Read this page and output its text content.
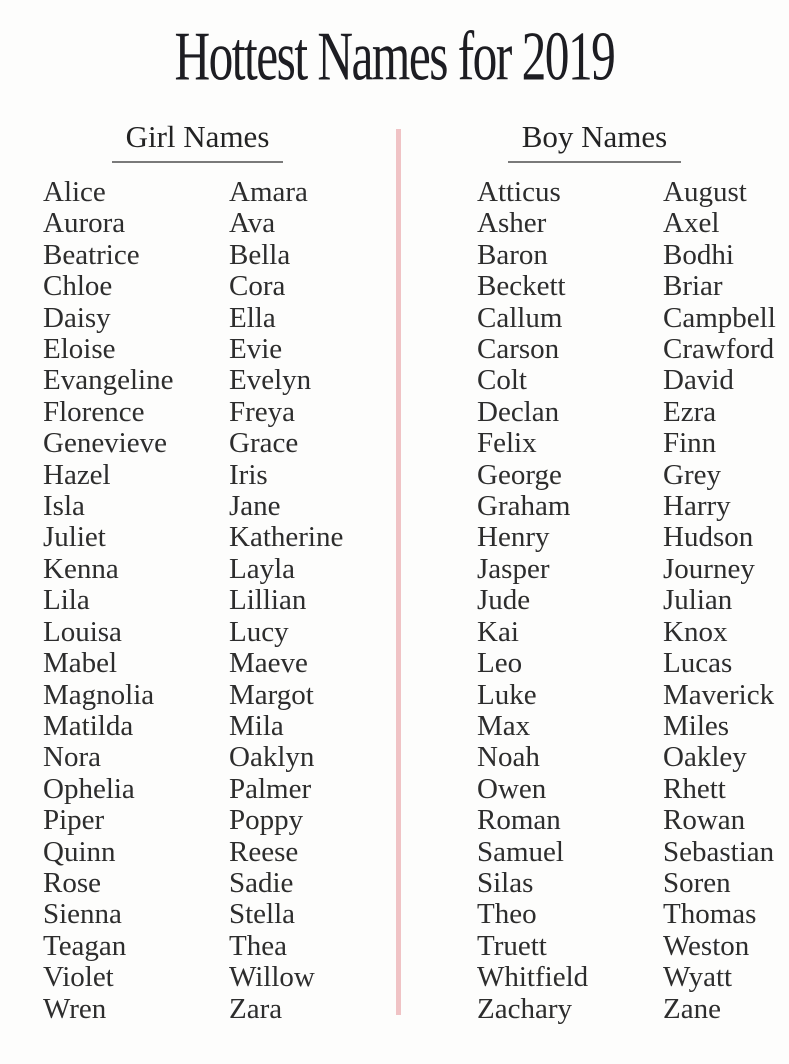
Hottest Names for 2019
Girl Names	Boy Names
Alice
Aurora
Beatrice
Chloe
Daisy
Eloise
Evangeline
Florence
Genevieve
Hazel
Isla
Juliet
Kenna
Lila
Louisa
Mabel
Magnolia
Matilda
Nora
Ophelia
Piper
Quinn
Rose
Sienna
Teagan
Violet
Wren
Amara
Ava
Bella
Cora
Ella
Evie
Evelyn
Freya
Grace
Iris
Jane
Katherine
Layla
Lillian
Lucy
Maeve
Margot
Mila
Oaklyn
Palmer
Poppy
Reese
Sadie
Stella
Thea
Willow
Zara
Atticus
Asher
Baron
Beckett
Callum
Carson
Colt
Declan
Felix
George
Graham
Henry
Jasper
Jude
Kai
Leo
Luke
Max
Noah
Owen
Roman
Samuel
Silas
Theo
Truett
Whitfield
Zachary
August
Axel
Bodhi
Briar
Campbell
Crawford
David
Ezra
Finn
Grey
Harry
Hudson
Journey
Julian
Knox
Lucas
Maverick
Miles
Oakley
Rhett
Rowan
Sebastian
Soren
Thomas
Weston
Wyatt
Zane
